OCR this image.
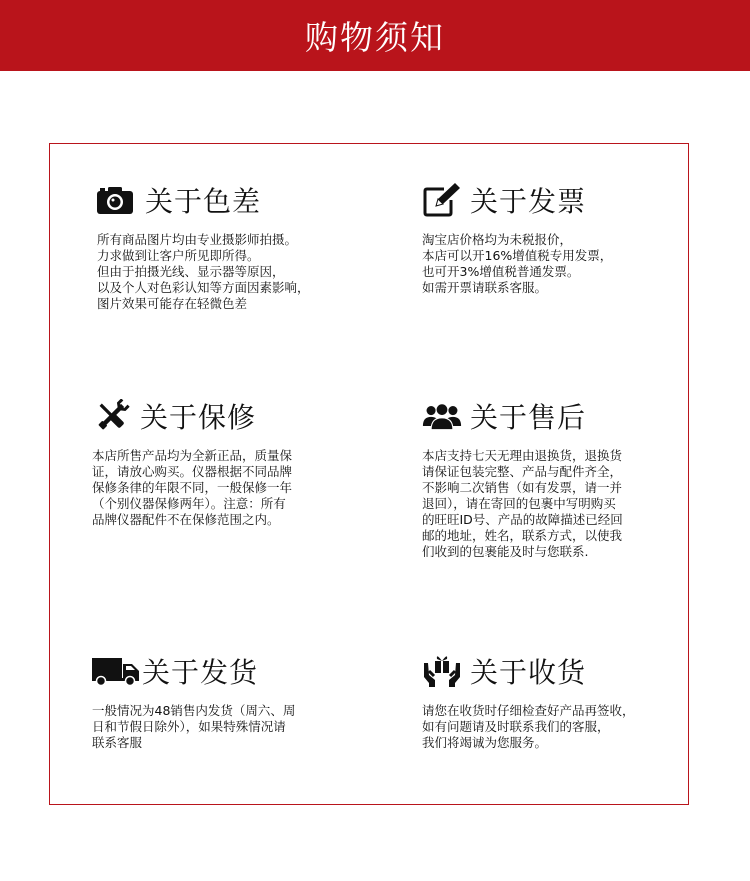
购物须知
关于色差
所有商品图片均由专业摄影师拍摄。
力求做到让客户所见即所得。
但由于拍摄光线、显示器等原因，
以及个人对色彩认知等方面因素影响，
图片效果可能存在轻微色差
关于发票
淘宝店价格均为未税报价，
本店可以开16%增值税专用发票，
也可开3%增值税普通发票。
如需开票请联系客服。
关于保修
本店所售产品均为全新正品，质量保
证，请放心购买。仪器根据不同品牌
保修条律的年限不同，一般保修一年
（个别仪器保修两年）。注意：所有
品牌仪器配件不在保修范围之内。
关于售后
本店支持七天无理由退换货，退换货
请保证包装完整、产品与配件齐全，
不影响二次销售（如有发票，请一并
退回），请在寄回的包裹中写明购买
的旺旺ID号、产品的故障描述已经回
邮的地址，姓名，联系方式，以使我
们收到的包裹能及时与您联系.
关于发货
一般情况为48销售内发货（周六、周
日和节假日除外），如果特殊情况请
联系客服
关于收货
请您在收货时仔细检查好产品再签收，
如有问题请及时联系我们的客服，
我们将竭诚为您服务。
